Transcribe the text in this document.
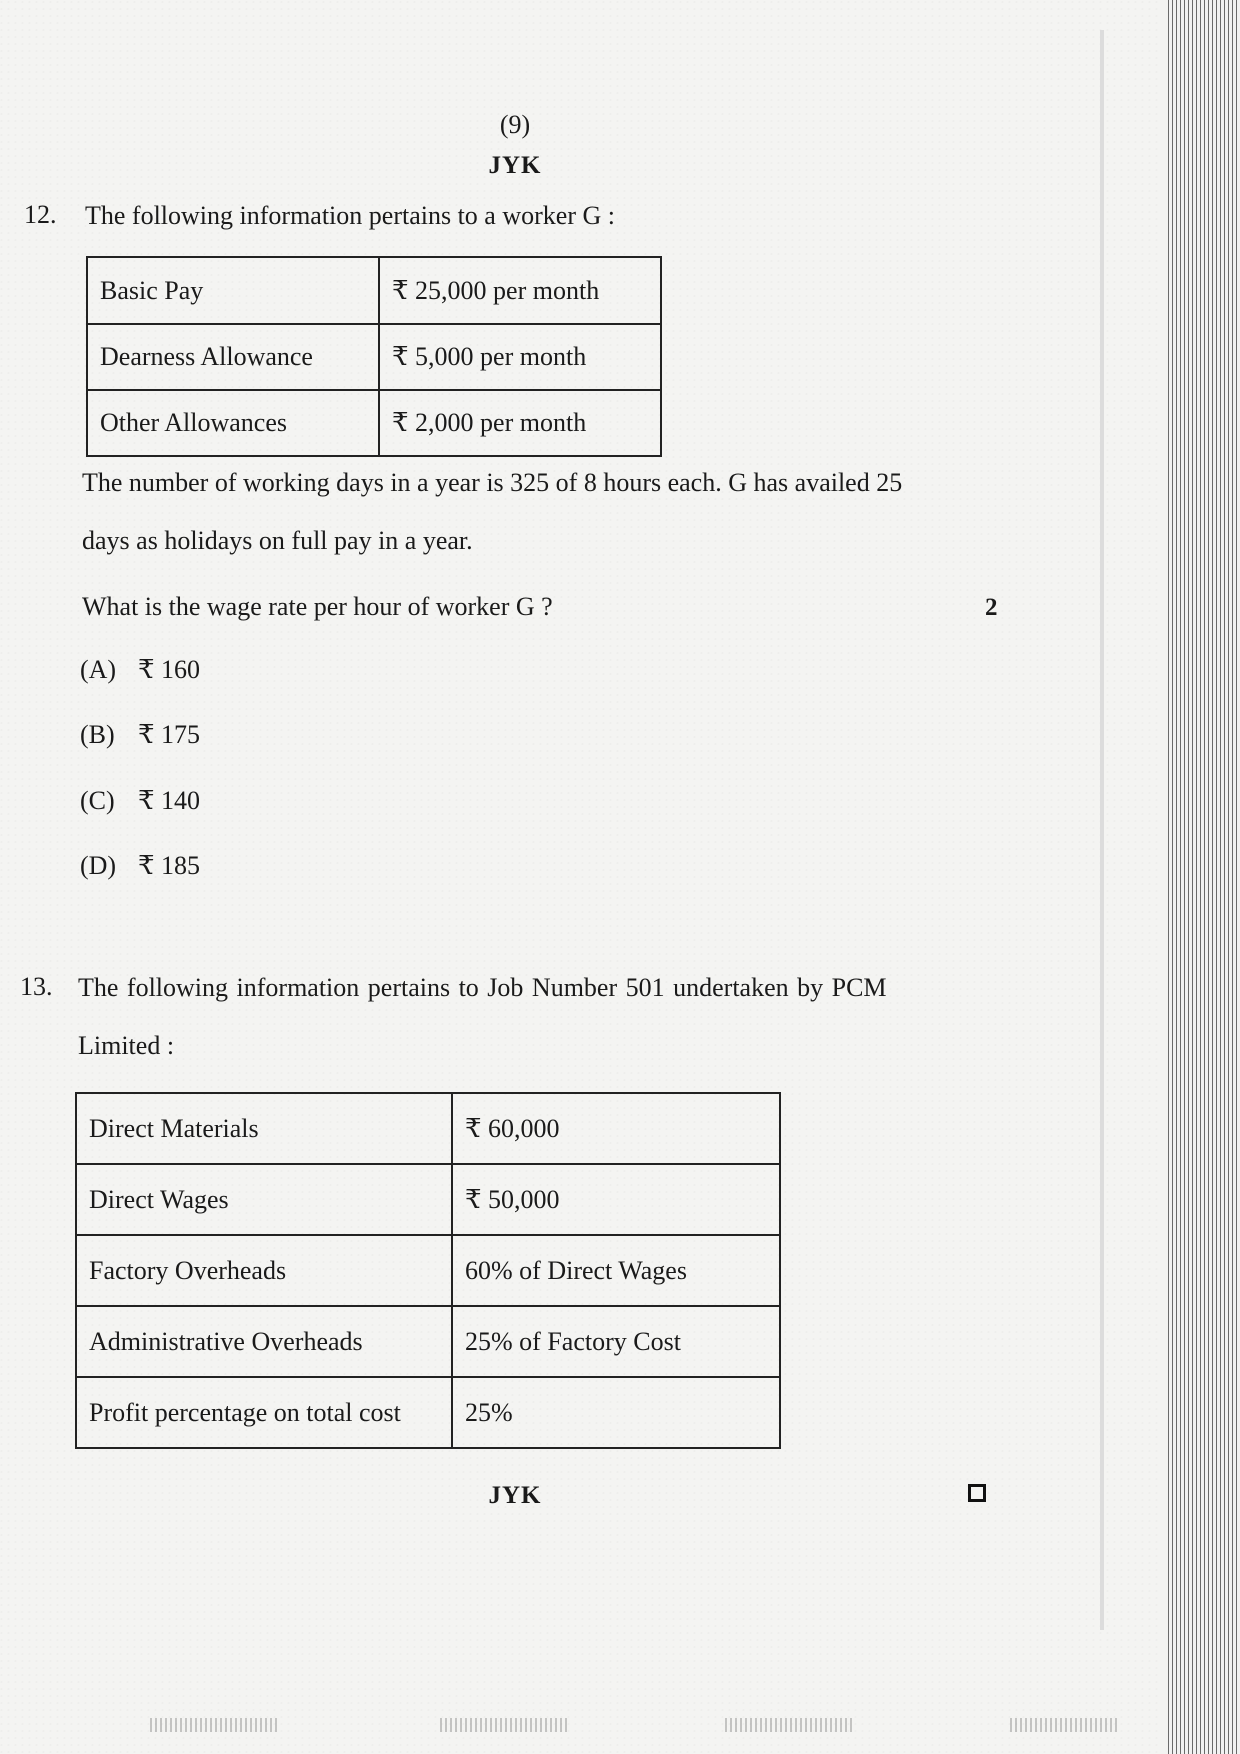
(9)
JYK
12. The following information pertains to a worker G :
Basic Pay	₹ 25,000 per month
Dearness Allowance	₹ 5,000 per month
Other Allowances	₹ 2,000 per month
The number of working days in a year is 325 of 8 hours each. G has availed 25
days as holidays on full pay in a year.
What is the wage rate per hour of worker G ?	2
(A) ₹ 160
(B) ₹ 175
(C) ₹ 140
(D) ₹ 185
13. The following information pertains to Job Number 501 undertaken by PCM
Limited :
Direct Materials	₹ 60,000
Direct Wages	₹ 50,000
Factory Overheads	60% of Direct Wages
Administrative Overheads	25% of Factory Cost
Profit percentage on total cost	25%
JYK
